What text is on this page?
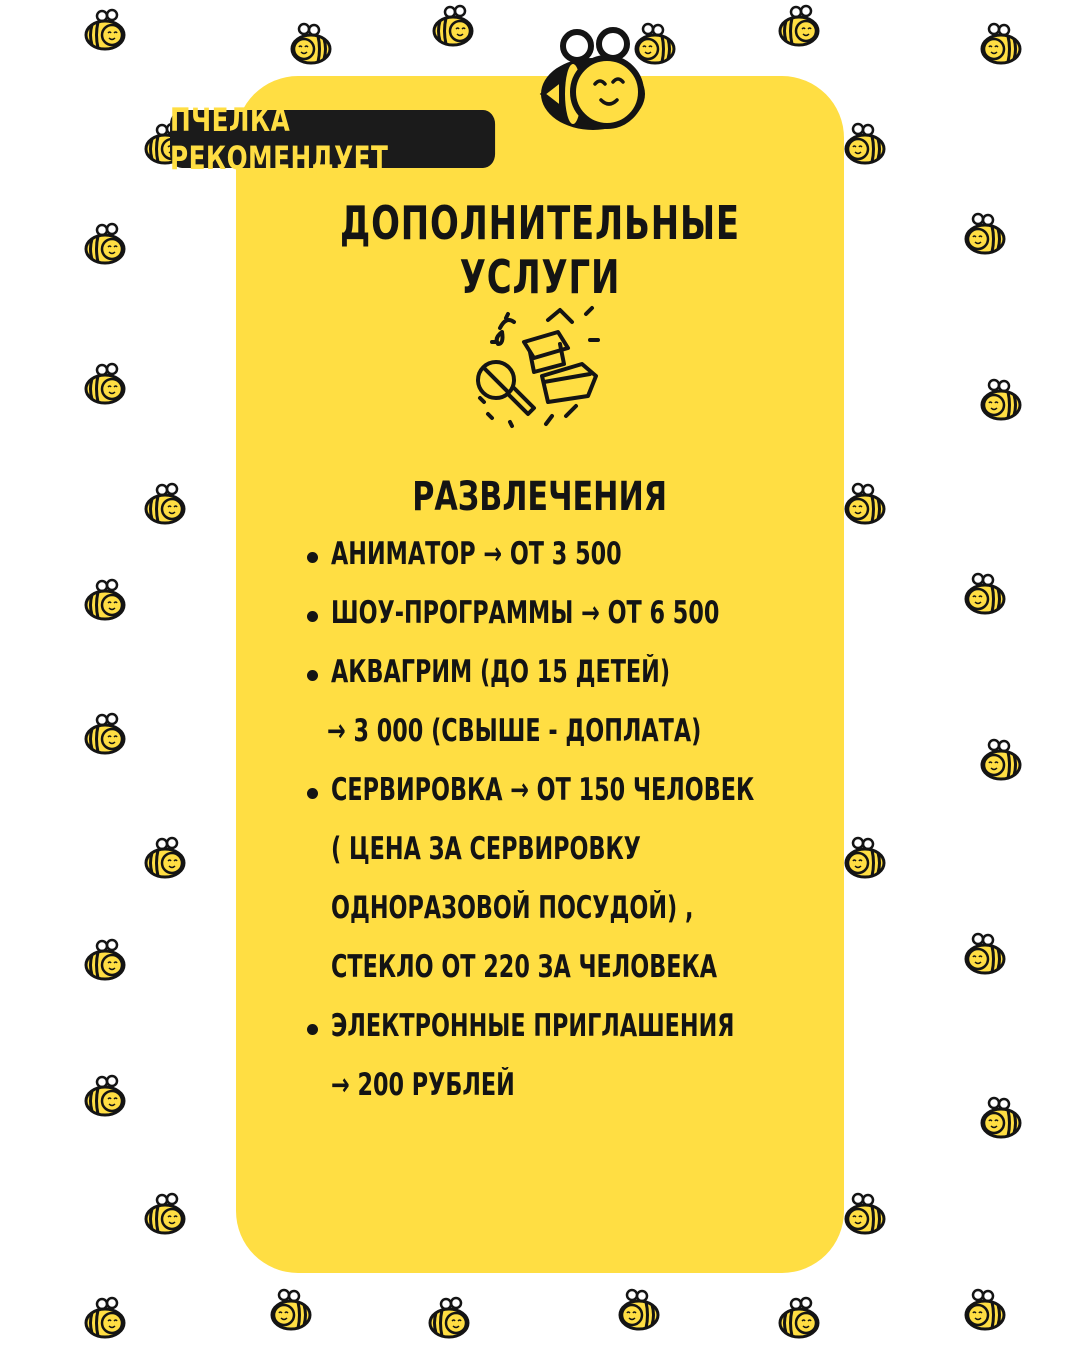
ПЧЕЛКА РЕКОМЕНДУЕТ
ДОПОЛНИТЕЛЬНЫЕ УСЛУГИ
РАЗВЛЕЧЕНИЯ
АНИМАТОР → ОТ 3 500
ШОУ-ПРОГРАММЫ → ОТ 6 500
АКВАГРИМ (ДО 15 ДЕТЕЙ)
→ 3 000 (СВЫШЕ - ДОПЛАТА)
СЕРВИРОВКА → ОТ 150 ЧЕЛОВЕК
( ЦЕНА ЗА СЕРВИРОВКУ
ОДНОРАЗОВОЙ ПОСУДОЙ) ,
СТЕКЛО ОТ 220 ЗА ЧЕЛОВЕКА
ЭЛЕКТРОННЫЕ ПРИГЛАШЕНИЯ
→ 200 РУБЛЕЙ
